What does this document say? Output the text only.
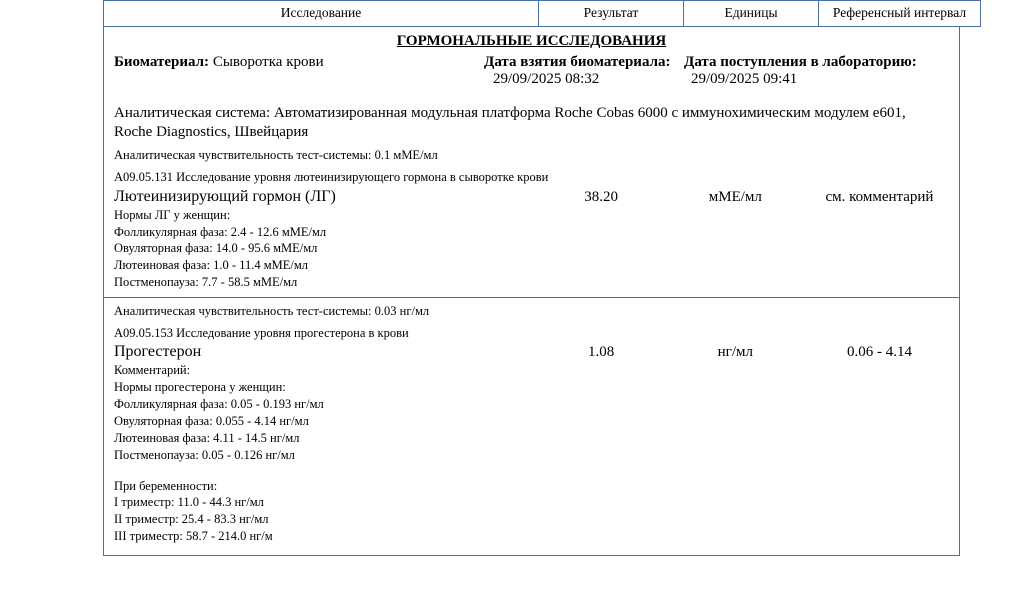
Исследование	Результат	Единицы	Референсный интервал
ГОРМОНАЛЬНЫЕ ИССЛЕДОВАНИЯ
Биоматериал: Сыворотка крови	Дата взятия биоматериала:
29/09/2025 08:32
Дата поступления в лабораторию:
29/09/2025 09:41
Аналитическая система: Автоматизированная модульная платформа Roche Cobas 6000 с иммунохимическим модулем e601, Roche Diagnostics, Швейцария
Аналитическая чувствительность тест-системы: 0.1 мМЕ/мл
A09.05.131 Исследование уровня лютеинизирующего гормона в сыворотке крови
Лютеинизирующий гормон (ЛГ)	38.20	мМЕ/мл	см. комментарий
Нормы ЛГ у женщин:
Фолликулярная фаза: 2.4 - 12.6 мМЕ/мл
Овуляторная фаза: 14.0 - 95.6 мМЕ/мл
Лютеиновая фаза: 1.0 - 11.4 мМЕ/мл
Постменопауза: 7.7 - 58.5 мМЕ/мл
Аналитическая чувствительность тест-системы: 0.03 нг/мл
A09.05.153 Исследование уровня прогестерона в крови
Прогестерон	1.08	нг/мл	0.06 - 4.14
Комментарий:
Нормы прогестерона у женщин:
Фолликулярная фаза: 0.05 - 0.193 нг/мл
Овуляторная фаза: 0.055 - 4.14 нг/мл
Лютеиновая фаза: 4.11 - 14.5 нг/мл
Постменопауза: 0.05 - 0.126 нг/мл
При беременности:
I триместр: 11.0 - 44.3 нг/мл
II триместр: 25.4 - 83.3 нг/мл
III триместр: 58.7 - 214.0 нг/м
